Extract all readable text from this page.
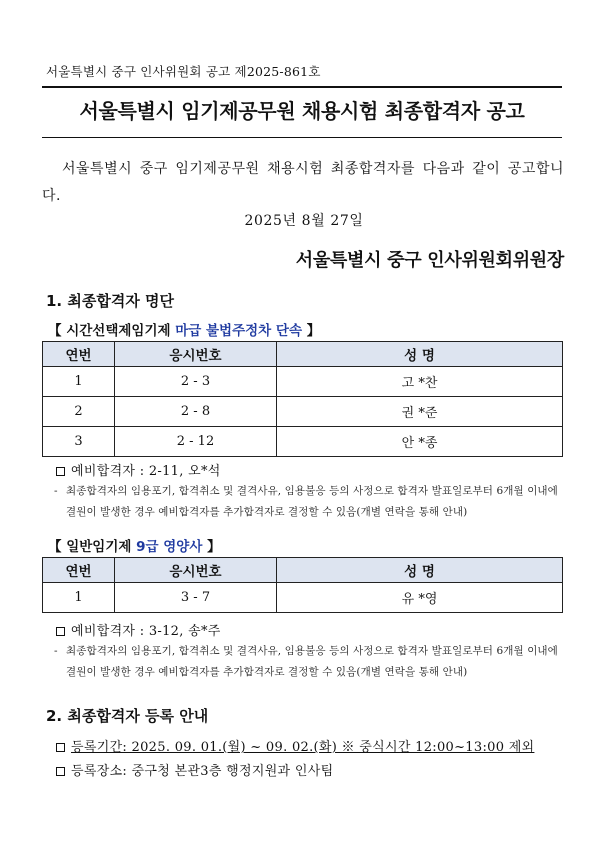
서울특별시 중구 인사위원회 공고 제2025-861호
서울특별시 임기제공무원 채용시험 최종합격자 공고
서울특별시 중구 임기제공무원 채용시험 최종합격자를 다음과 같이 공고합니다.
2025년 8월 27일
서울특별시 중구 인사위원회위원장
1. 최종합격자 명단
【 시간선택제임기제 마급 불법주정차 단속 】
연번	응시번호	성 명
1	2 - 3	고 *찬
2	2 - 8	권 *준
3	2 - 12	안 *종
예비합격자 : 2-11, 오*석
- 최종합격자의 임용포기, 합격취소 및 결격사유, 임용불응 등의 사정으로 합격자 발표일로부터 6개월 이내에 결원이 발생한 경우 예비합격자를 추가합격자로 결정할 수 있음(개별 연락을 통해 안내)
【 일반임기제 9급 영양사 】
연번	응시번호	성 명
1	3 - 7	유 *영
예비합격자 : 3-12, 송*주
- 최종합격자의 임용포기, 합격취소 및 결격사유, 임용불응 등의 사정으로 합격자 발표일로부터 6개월 이내에 결원이 발생한 경우 예비합격자를 추가합격자로 결정할 수 있음(개별 연락을 통해 안내)
2. 최종합격자 등록 안내
등록기간: 2025. 09. 01.(월) ~ 09. 02.(화) ※ 중식시간 12:00~13:00 제외
등록장소: 중구청 본관3층 행정지원과 인사팀
